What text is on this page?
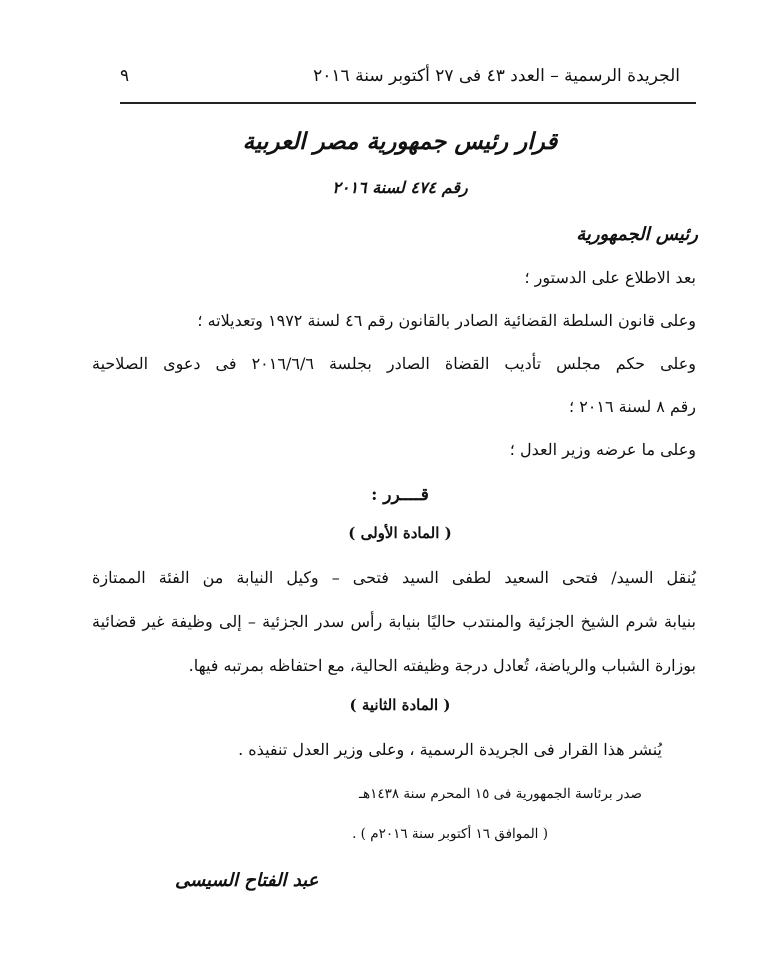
الجريدة الرسمية – العدد ٤٣ فى ٢٧ أكتوبر سنة ٢٠١٦
٩
قرار رئيس جمهورية مصر العربية
رقم ٤٧٤ لسنة ٢٠١٦
رئيس الجمهورية
بعد الاطلاع على الدستور ؛
وعلى قانون السلطة القضائية الصادر بالقانون رقم ٤٦ لسنة ١٩٧٢ وتعديلاته ؛
وعلى حكم مجلس تأديب القضاة الصادر بجلسة ٢٠١٦/٦/٦ فى دعوى الصلاحية
رقم ٨ لسنة ٢٠١٦ ؛
وعلى ما عرضه وزير العدل ؛
قــــرر :
( المادة الأولى )
يُنقل السيد/ فتحى السعيد لطفى السيد فتحى – وكيل النيابة من الفئة الممتازة
بنيابة شرم الشيخ الجزئية والمنتدب حاليًا بنيابة رأس سدر الجزئية – إلى وظيفة غير قضائية
بوزارة الشباب والرياضة، تُعادل درجة وظيفته الحالية، مع احتفاظه بمرتبه فيها.
( المادة الثانية )
يُنشر هذا القرار فى الجريدة الرسمية ، وعلى وزير العدل تنفيذه .
صدر برئاسة الجمهورية فى ١٥ المحرم سنة ١٤٣٨هـ
( الموافق ١٦ أكتوبر سنة ٢٠١٦م ) .
عبد الفتاح السيسى
